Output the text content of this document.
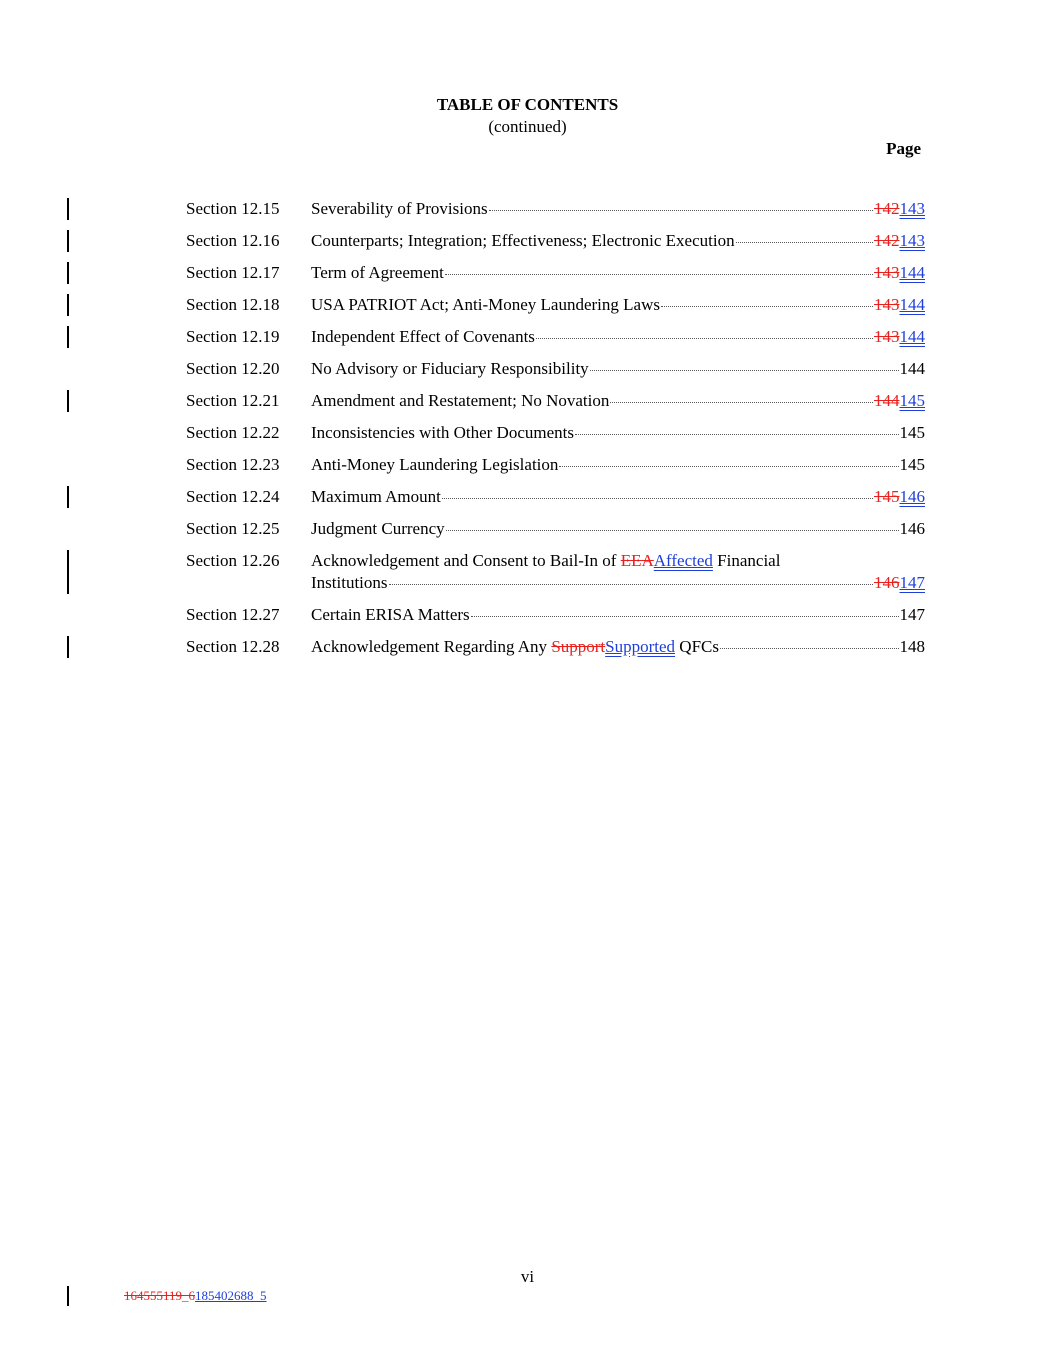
TABLE OF CONTENTS
(continued)
Page
Section 12.15 Severability of Provisions	142143
Section 12.16 Counterparts; Integration; Effectiveness; Electronic Execution	142143
Section 12.17 Term of Agreement	143144
Section 12.18 USA PATRIOT Act; Anti-Money Laundering Laws	143144
Section 12.19 Independent Effect of Covenants	143144
Section 12.20 No Advisory or Fiduciary Responsibility	144
Section 12.21 Amendment and Restatement; No Novation	144145
Section 12.22 Inconsistencies with Other Documents	145
Section 12.23 Anti-Money Laundering Legislation	145
Section 12.24 Maximum Amount	145146
Section 12.25 Judgment Currency	146
Section 12.26 Acknowledgement and Consent to Bail-In of EEAAffected Financial
Institutions	146147
Section 12.27 Certain ERISA Matters	147
Section 12.28 Acknowledgement Regarding Any SupportSupported QFCs	148
vi
164555119_6185402688_5
